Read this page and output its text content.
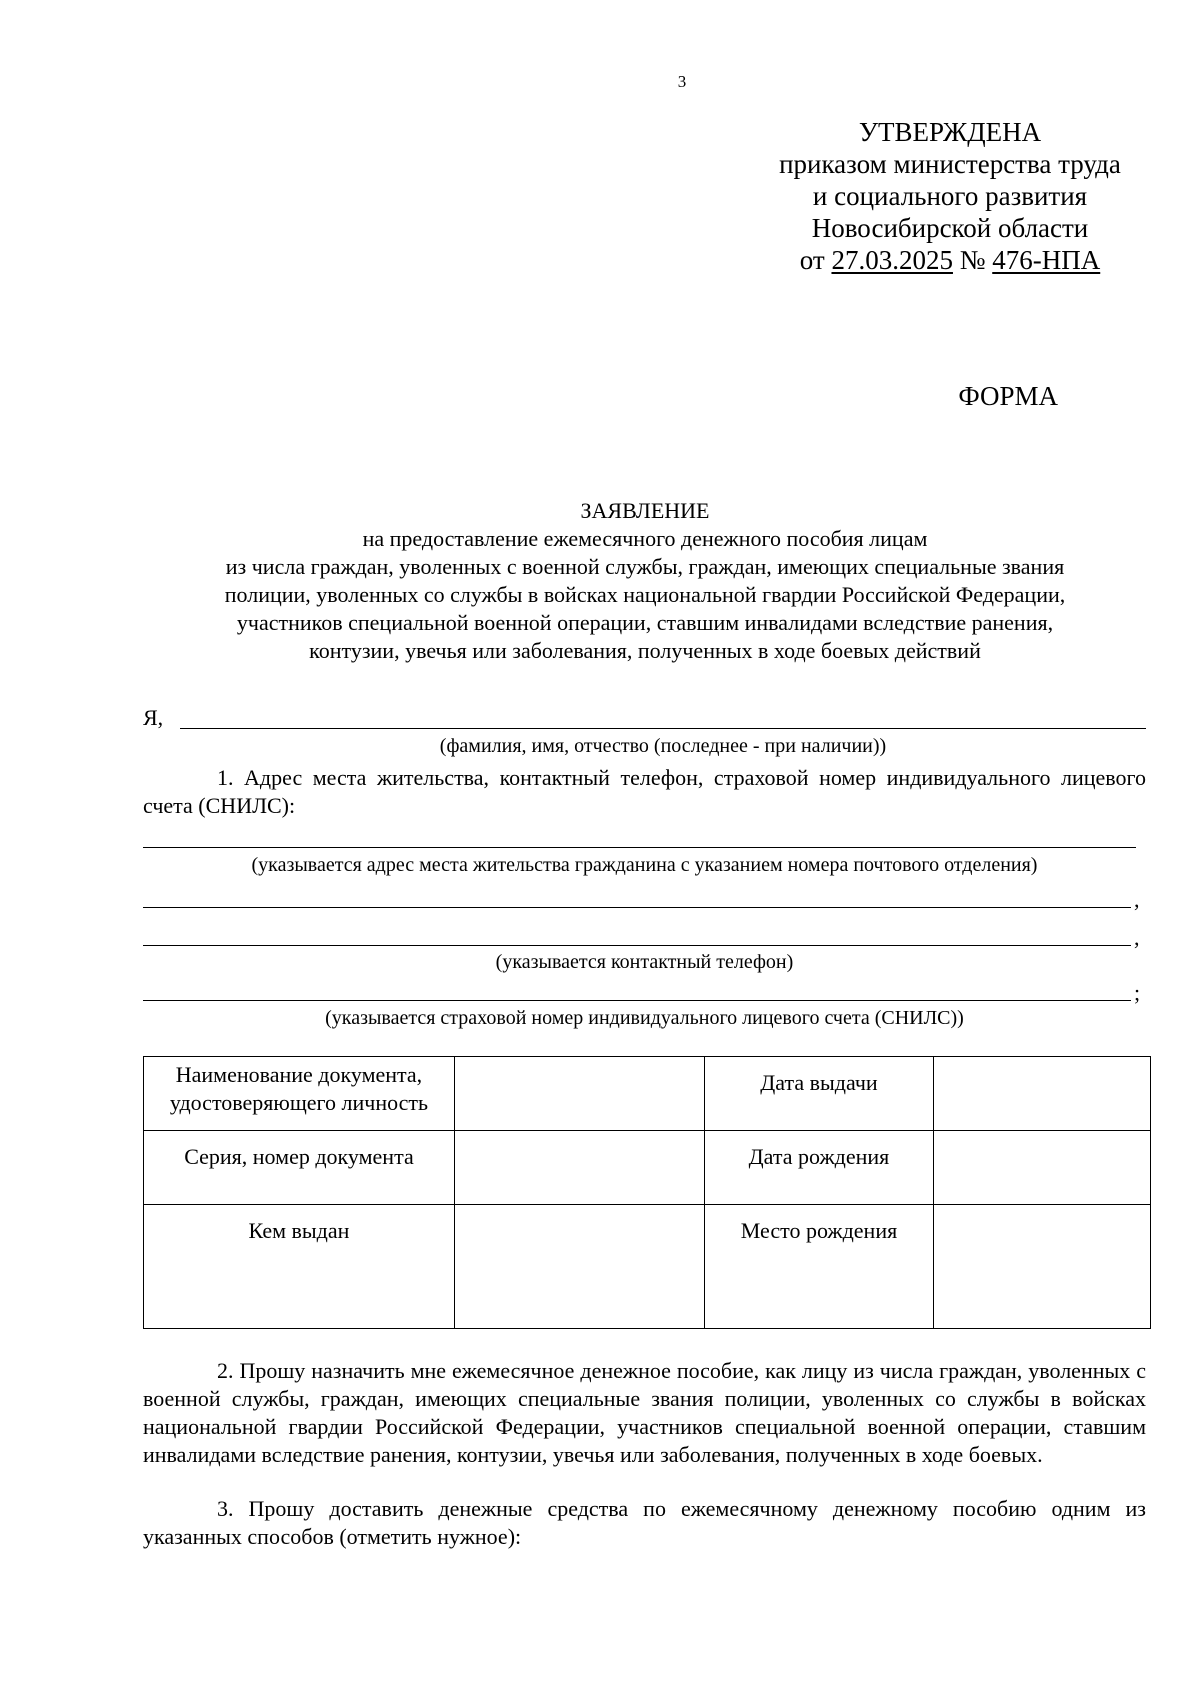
3
УТВЕРЖДЕНА
приказом министерства труда
и социального развития
Новосибирской области
от 27.03.2025 № 476-НПА
ФОРМА
ЗАЯВЛЕНИЕ
на предоставление ежемесячного денежного пособия лицам
из числа граждан, уволенных с военной службы, граждан, имеющих специальные звания
полиции, уволенных со службы в войсках национальной гвардии Российской Федерации,
участников специальной военной операции, ставшим инвалидами вследствие ранения,
контузии, увечья или заболевания, полученных в ходе боевых действий
Я,
(фамилия, имя, отчество (последнее - при наличии))
1. Адрес места жительства, контактный телефон, страховой номер индивидуального лицевого счета (СНИЛС):
(указывается адрес места жительства гражданина с указанием номера почтового отделения)
,
,
(указывается контактный телефон)
;
(указывается страховой номер индивидуального лицевого счета (СНИЛС))
Наименование документа, удостоверяющего личность		Дата выдачи	
Серия, номер документа		Дата рождения	
Кем выдан		Место рождения	
2. Прошу назначить мне ежемесячное денежное пособие, как лицу из числа граждан, уволенных с военной службы, граждан, имеющих специальные звания полиции, уволенных со службы в войсках национальной гвардии Российской Федерации, участников специальной военной операции, ставшим инвалидами вследствие ранения, контузии, увечья или заболевания, полученных в ходе боевых.
3. Прошу доставить денежные средства по ежемесячному денежному пособию одним из указанных способов (отметить нужное):
